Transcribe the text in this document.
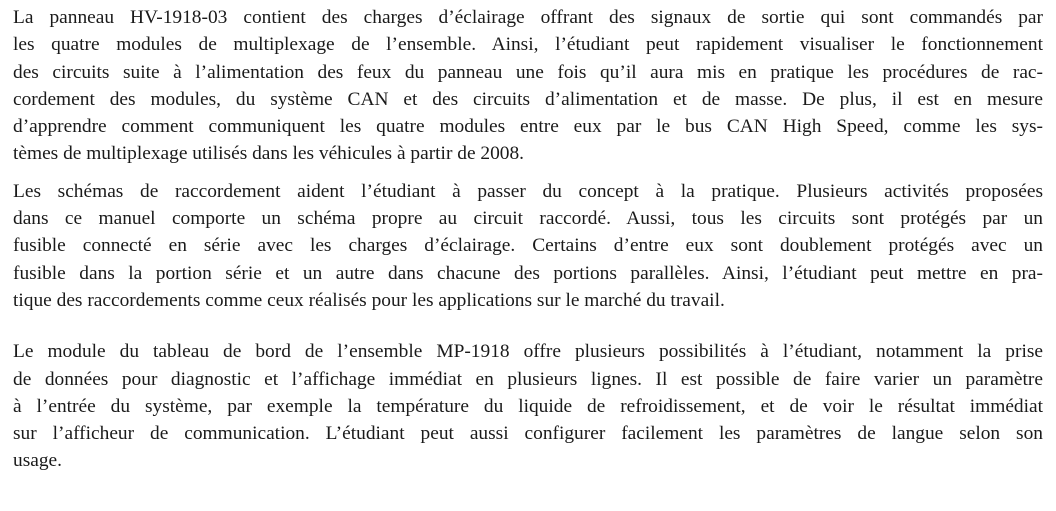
La panneau HV-1918-03 contient des charges d’éclairage offrant des signaux de sortie qui sont commandés par
les quatre modules de multiplexage de l’ensemble. Ainsi, l’étudiant peut rapidement visualiser le fonctionnement
des circuits suite à l’alimentation des feux du panneau une fois qu’il aura mis en pratique les procédures de rac-
cordement des modules, du système CAN et des circuits d’alimentation et de masse. De plus, il est en mesure
d’apprendre comment communiquent les quatre modules entre eux par le bus CAN High Speed, comme les sys-
tèmes de multiplexage utilisés dans les véhicules à partir de 2008.

Les schémas de raccordement aident l’étudiant à passer du concept à la pratique. Plusieurs activités proposées
dans ce manuel comporte un schéma propre au circuit raccordé. Aussi, tous les circuits sont protégés par un
fusible connecté en série avec les charges d’éclairage. Certains d’entre eux sont doublement protégés avec un
fusible dans la portion série et un autre dans chacune des portions parallèles. Ainsi, l’étudiant peut mettre en pra-
tique des raccordements comme ceux réalisés pour les applications sur le marché du travail.

Le module du tableau de bord de l’ensemble MP-1918 offre plusieurs possibilités à l’étudiant, notamment la prise
de données pour diagnostic et l’affichage immédiat en plusieurs lignes. Il est possible de faire varier un paramètre
à l’entrée du système, par exemple la température du liquide de refroidissement, et de voir le résultat immédiat
sur l’afficheur de communication. L’étudiant peut aussi configurer facilement les paramètres de langue selon son
usage.
